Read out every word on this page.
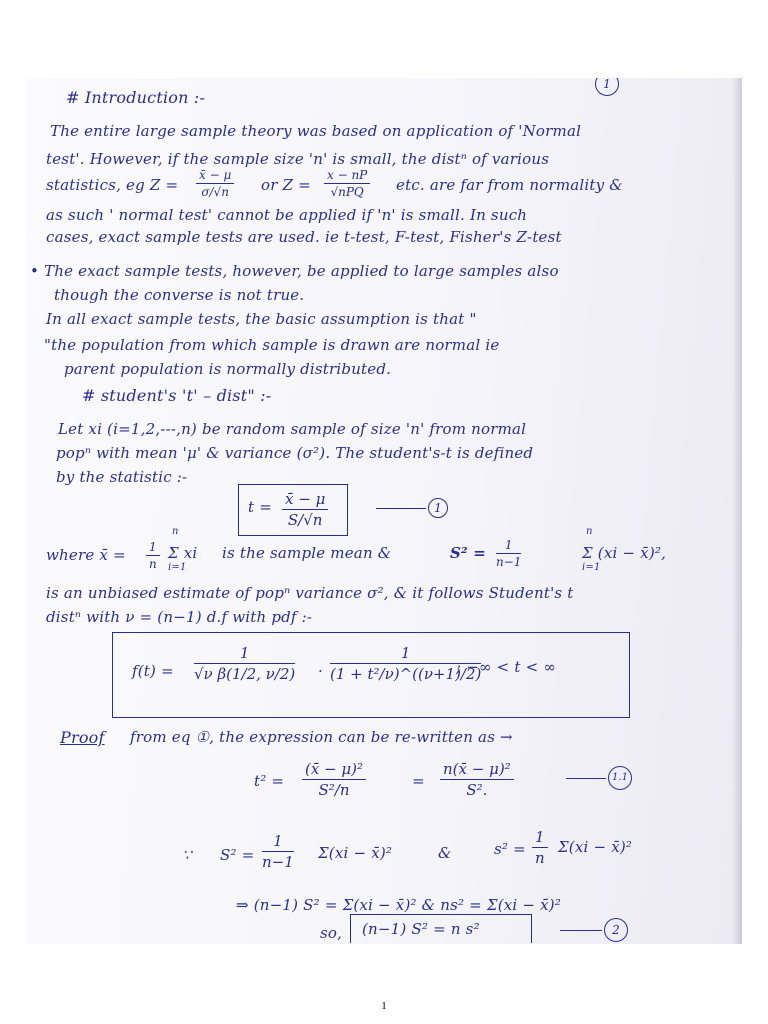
1
# Introduction :-
The entire large sample theory was based on application of 'Normal
test'. However, if the sample size 'n' is small, the distⁿ of various
statistics, eg $Z = \frac{x̄ - \mu}{\sigma/√n}$ or Z =
x − nP
√nPQ	etc. are far from normality &
as such ' normal test' cannot be applied if 'n' is small. In such
cases, exact sample tests are used. ie t-test, F-test, Fisher's Z-test
• The exact sample tests, however, be applied to large samples also
though the converse is not true.
In all exact sample tests, the basic assumption is that "
"the population from which sample is drawn are normal ie
parent population is normally distributed.
# student's 't' – dist" :-
Let xi (i=1,2,---,n) be random sample of size 'n' from normal
popⁿ with mean 'μ' & variance (σ²). The student's-t is defined
by the statistic :-
$t = \frac{x̄ - \mu}{S/√n}$	1
where x̄ = $\frac{1}{n}$
n
Σ xi
i=1
is the sample mean &	$S^2 = \frac{1}{n-1}$
n
Σ (xi − x̄)²,
i=1
is an unbiased estimate of popⁿ variance σ², & it follows Student's t
distⁿ with ν = (n−1) d.f with pdf :-
$f(t) = \frac{1}{\text{√ν β(1/2, ν/2)}} \cdot \frac{1}{\text{(1 + t²/ν)\textasciicircum{}((ν+1)/2)}}$
; −∞ < t < ∞
Proof from eq ①, the expression can be re-written as →
$t^2 = \frac{\text{(x̄ − μ)²}}{\text{S²/n}}$	= $\frac{\text{n(x̄ − μ)²}}{\text{S².}}$	1.1
∵ $S^2 = \frac{1}{n-1} \Sigma(xi$ − x̄)²	&	$s^2 = \frac{1}{n} \Sigma(xi$ − x̄)²
⇒ (n−1) S² = Σ(xi − x̄)² & ns² = Σ(xi − x̄)²
so, (n−1) S² = n s²	2
1
